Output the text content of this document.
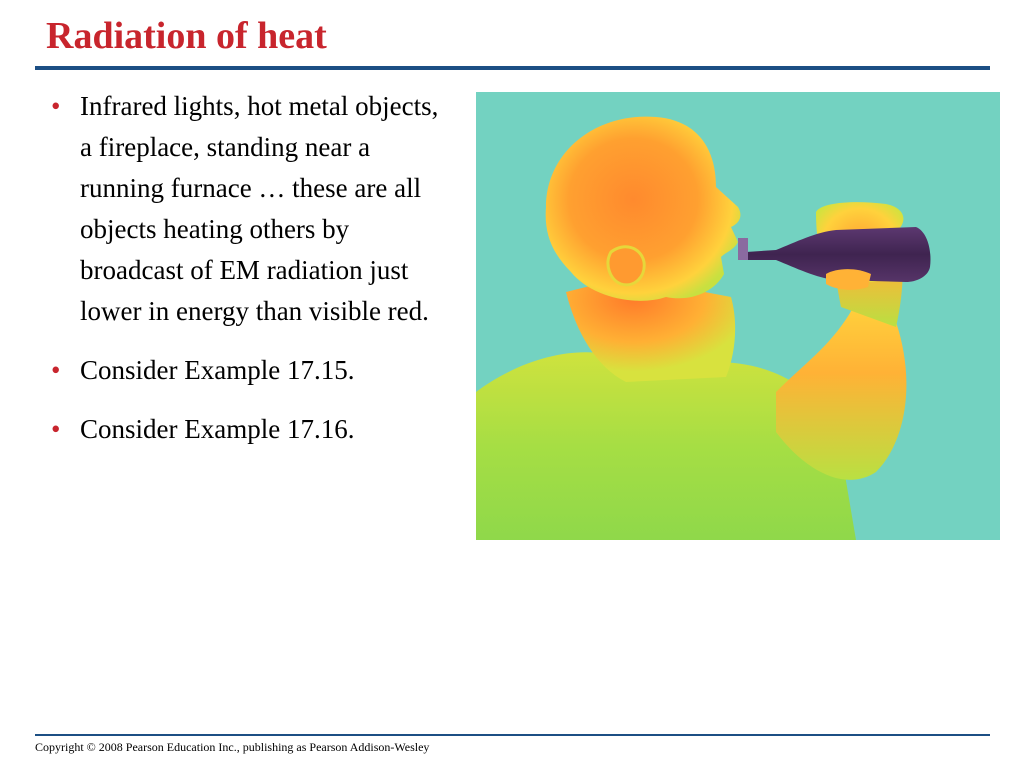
Radiation of heat
• Infrared lights, hot metal objects, a fireplace, standing near a running furnace … these are all objects heating others by broadcast of EM radiation just lower in energy than visible red.
• Consider Example 17.15.
• Consider Example 17.16.
Copyright © 2008 Pearson Education Inc., publishing as Pearson Addison-Wesley
